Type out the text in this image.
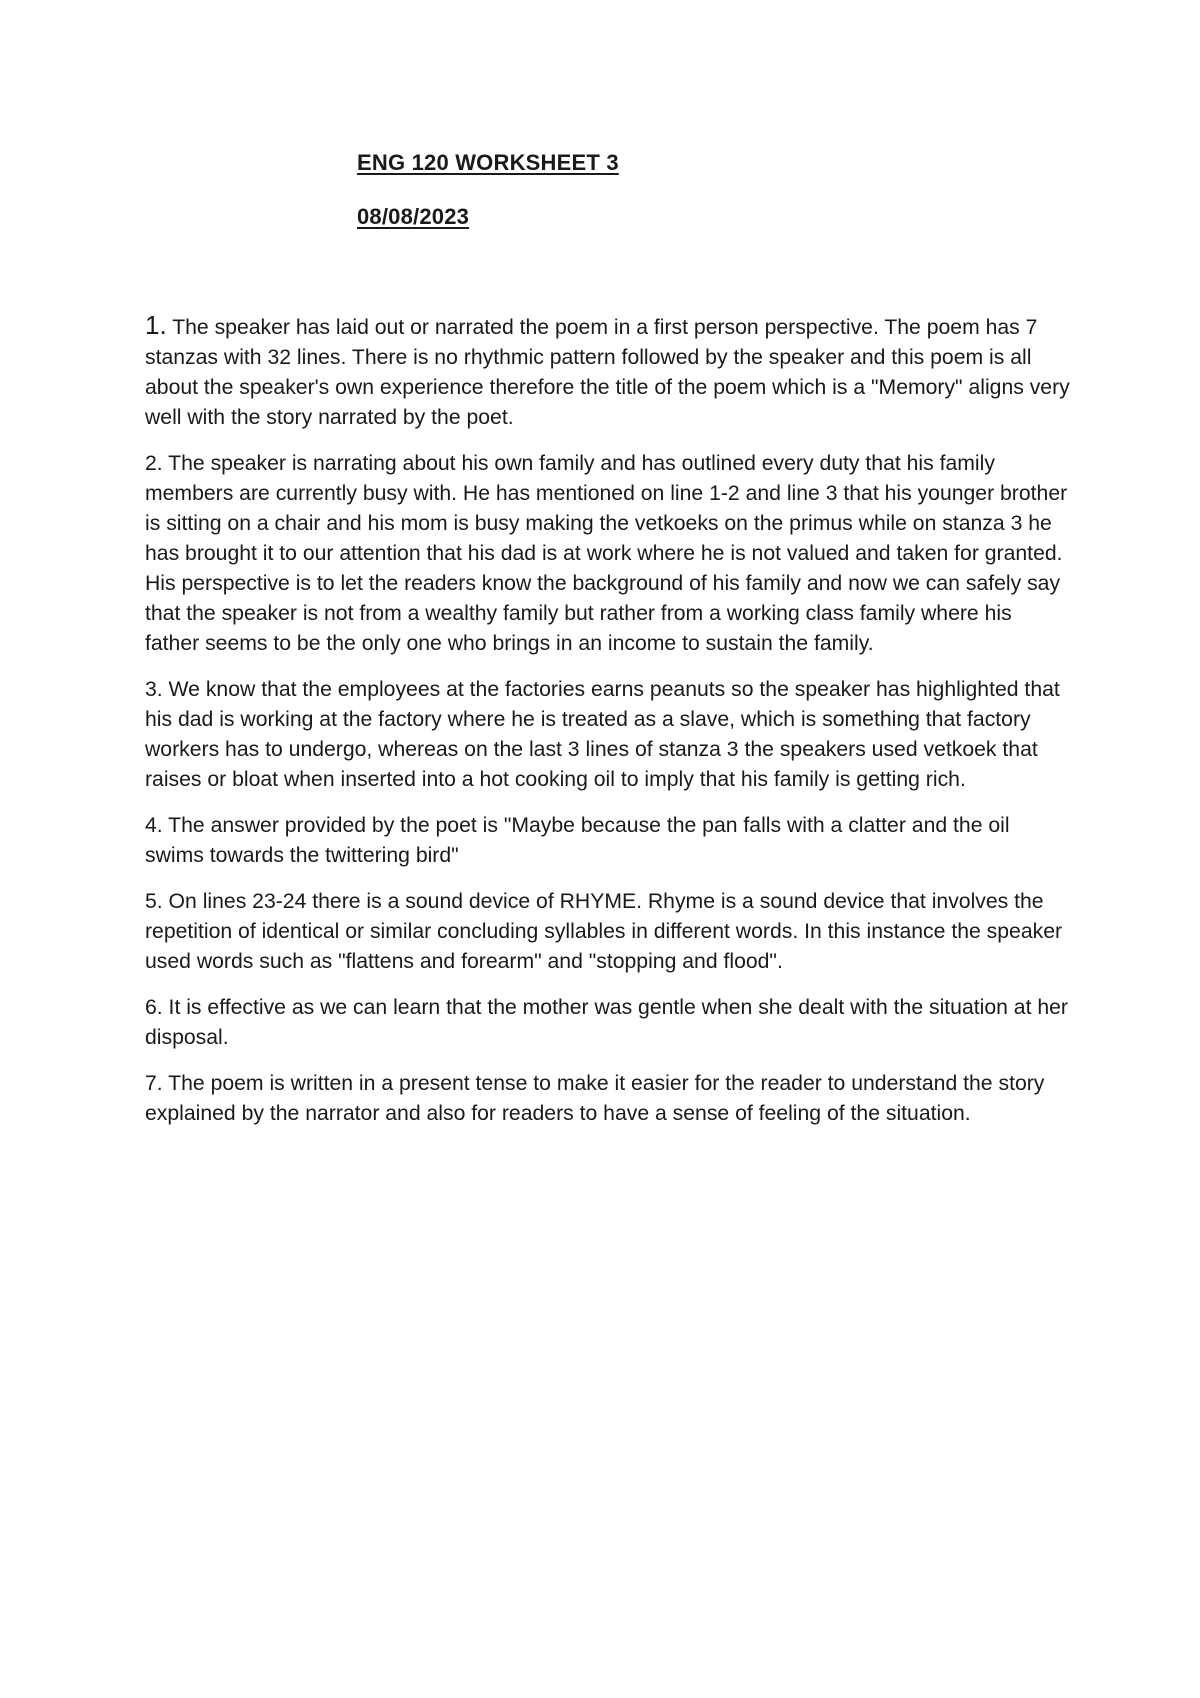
ENG 120 WORKSHEET 3

08/08/2023

1. The speaker has laid out or narrated the poem in a first person perspective. The poem has 7 stanzas with 32 lines. There is no rhythmic pattern followed by the speaker and this poem is all about the speaker's own experience therefore the title of the poem which is a "Memory" aligns very well with the story narrated by the poet.

2. The speaker is narrating about his own family and has outlined every duty that his family members are currently busy with. He has mentioned on line 1-2 and line 3 that his younger brother is sitting on a chair and his mom is busy making the vetkoeks on the primus while on stanza 3 he has brought it to our attention that his dad is at work where he is not valued and taken for granted. His perspective is to let the readers know the background of his family and now we can safely say that the speaker is not from a wealthy family but rather from a working class family where his father seems to be the only one who brings in an income to sustain the family.

3. We know that the employees at the factories earns peanuts so the speaker has highlighted that his dad is working at the factory where he is treated as a slave, which is something that factory workers has to undergo, whereas on the last 3 lines of stanza 3 the speakers used vetkoek that raises or bloat when inserted into a hot cooking oil to imply that his family is getting rich.

4. The answer provided by the poet is "Maybe because the pan falls with a clatter and the oil swims towards the twittering bird"

5. On lines 23-24 there is a sound device of RHYME. Rhyme is a sound device that involves the repetition of identical or similar concluding syllables in different words. In this instance the speaker used words such as "flattens and forearm" and "stopping and flood".

6. It is effective as we can learn that the mother was gentle when she dealt with the situation at her disposal.

7. The poem is written in a present tense to make it easier for the reader to understand the story explained by the narrator and also for readers to have a sense of feeling of the situation.
